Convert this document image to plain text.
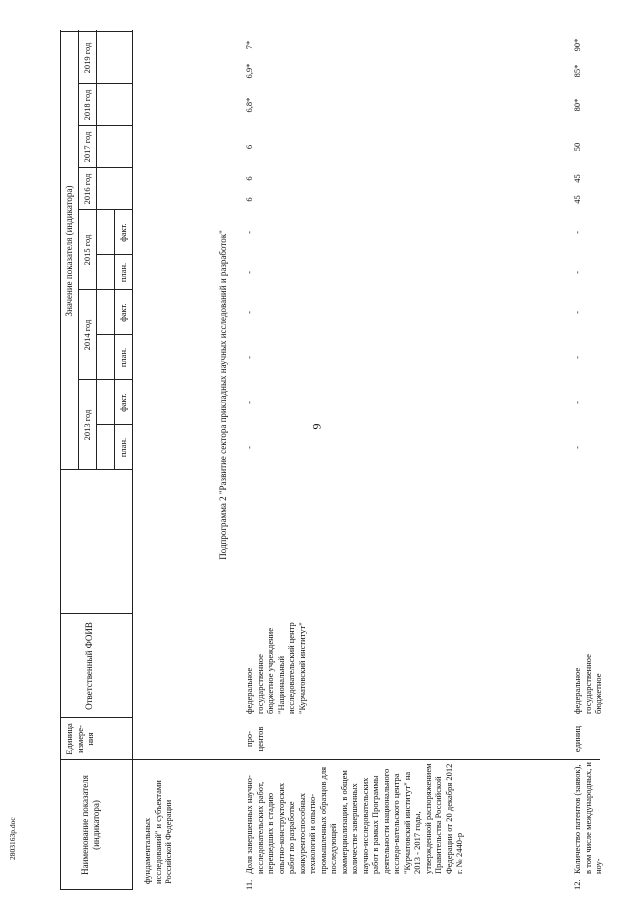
9
2803163р.doc	Наименование показателя (индикатора)
Единица измере-ния
Ответственный ФОИВ
Значение показателя (индикатора)
2013 год
2014 год
2015 год
2016 год
2017 год
2018 год
2019 год
план.
факт.
план.
факт.
план.
факт.
фундаментальных исследований" и субъектами Российской Федерации
Подпрограмма 2 "Развитие сектора прикладных научных исследований и разработок"
11.
Доля завершенных научно-исследовательских работ, перешедших в стадию опытно-конструкторских работ по разработке конкурентоспособных технологий и опытно-промышленных образцов для последующей коммерциализации, в общем количестве завершенных научно-исследовательских работ в рамках Программы деятельности национального исследо-вательского центра "Курчатовский институт" на 2013 - 2017 годы, утвержденной распоряжением Правительства Российской Федерации от 20 декабря 2012 г. № 2440-р
про-центов
федеральное государственное бюджетное учреждение "Национальный исследовательский центр "Курчатовский институт"
-
-
-
-
-
-
6
6
6
6,8*
6,9*
7*
12.
Количество патентов (заявок), в том числе международных, и ноу-
единиц
федеральное государственное бюджетное
-
-
-
-
-
-
45
45
50
80*
85*
90*
